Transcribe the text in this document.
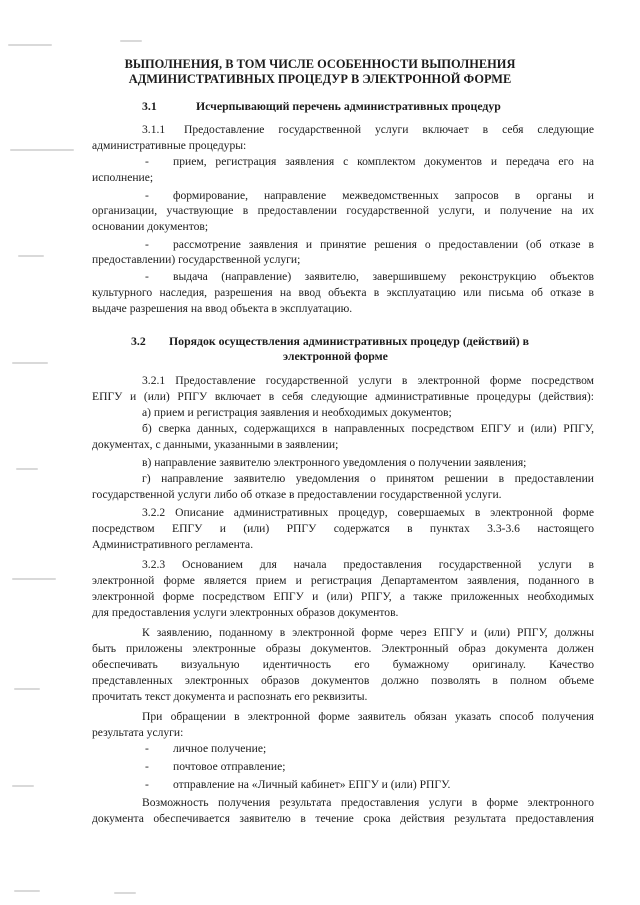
ВЫПОЛНЕНИЯ, В ТОМ ЧИСЛЕ ОСОБЕННОСТИ ВЫПОЛНЕНИЯ
АДМИНИСТРАТИВНЫХ ПРОЦЕДУР В ЭЛЕКТРОННОЙ ФОРМЕ
3.1	Исчерпывающий перечень административных процедур
3.1.1 Предоставление государственной услуги включает в себя следующие
административные процедуры:
- прием, регистрация заявления с комплектом документов и передача его на
исполнение;
- формирование, направление межведомственных запросов в органы и
организации, участвующие в предоставлении государственной услуги, и получение на их
основании документов;
- рассмотрение заявления и принятие решения о предоставлении (об отказе в
предоставлении) государственной услуги;
- выдача (направление) заявителю, завершившему реконструкцию объектов
культурного наследия, разрешения на ввод объекта в эксплуатацию или письма об отказе в
выдаче разрешения на ввод объекта в эксплуатацию.
3.2 Порядок осуществления административных процедур (действий) в
электронной форме
3.2.1 Предоставление государственной услуги в электронной форме посредством
ЕПГУ и (или) РПГУ включает в себя следующие административные процедуры (действия):
а) прием и регистрация заявления и необходимых документов;
б) сверка данных, содержащихся в направленных посредством ЕПГУ и (или) РПГУ,
документах, с данными, указанными в заявлении;
в) направление заявителю электронного уведомления о получении заявления;
г) направление заявителю уведомления о принятом решении в предоставлении
государственной услуги либо об отказе в предоставлении государственной услуги.
3.2.2 Описание административных процедур, совершаемых в электронной форме
посредством ЕПГУ и (или) РПГУ содержатся в пунктах 3.3-3.6 настоящего
Административного регламента.
3.2.3 Основанием для начала предоставления государственной услуги в
электронной форме является прием и регистрация Департаментом заявления, поданного в
электронной форме посредством ЕПГУ и (или) РПГУ, а также приложенных необходимых
для предоставления услуги электронных образов документов.
К заявлению, поданному в электронной форме через ЕПГУ и (или) РПГУ, должны
быть приложены электронные образы документов. Электронный образ документа должен
обеспечивать визуальную идентичность его бумажному оригиналу. Качество
представленных электронных образов документов должно позволять в полном объеме
прочитать текст документа и распознать его реквизиты.
При обращении в электронной форме заявитель обязан указать способ получения
результата услуги:
- личное получение;
- почтовое отправление;
- отправление на «Личный кабинет» ЕПГУ и (или) РПГУ.
Возможность получения результата предоставления услуги в форме электронного
документа обеспечивается заявителю в течение срока действия результата предоставления
